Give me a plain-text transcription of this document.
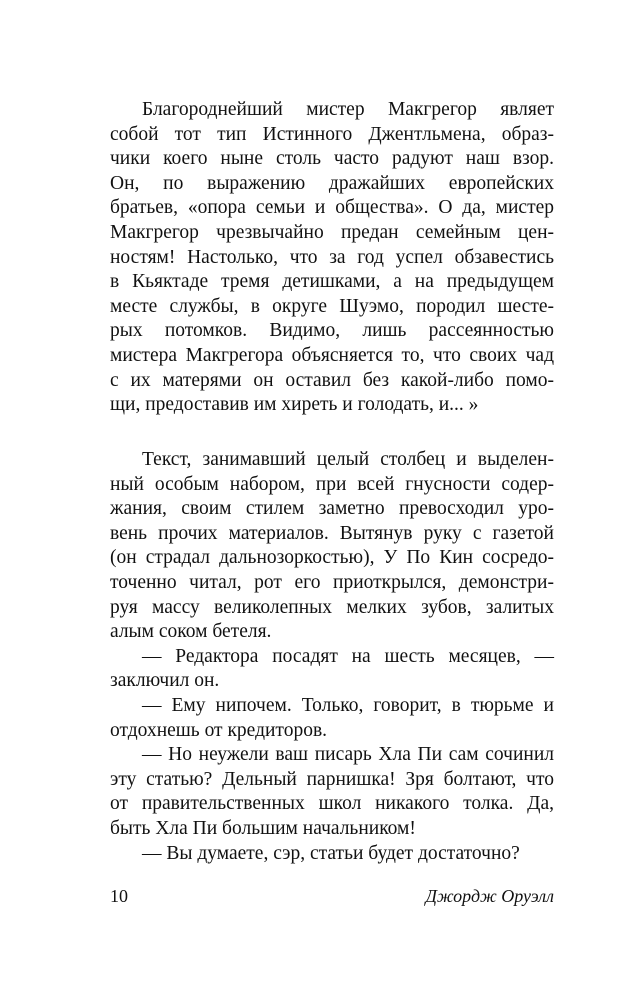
Благороднейший мистер Макгрегор являет
собой тот тип Истинного Джентльмена, образ-
чики коего ныне столь часто радуют наш взор.
Он, по выражению дражайших европейских
братьев, «опора семьи и общества». О да, мистер
Макгрегор чрезвычайно предан семейным цен-
ностям! Настолько, что за год успел обзавестись
в Кьяктаде тремя детишками, а на предыдущем
месте службы, в округе Шуэмо, породил шесте-
рых потомков. Видимо, лишь рассеянностью
мистера Макгрегора объясняется то, что своих чад
с их матерями он оставил без какой-либо помо-
щи, предоставив им хиреть и голодать, и... »
Текст, занимавший целый столбец и выделен-
ный особым набором, при всей гнусности содер-
жания, своим стилем заметно превосходил уро-
вень прочих материалов. Вытянув руку с газетой
(он страдал дальнозоркостью), У По Кин сосредо-
точенно читал, рот его приоткрылся, демонстри-
руя массу великолепных мелких зубов, залитых
алым соком бетеля.
— Редактора посадят на шесть месяцев, —
заключил он.
— Ему нипочем. Только, говорит, в тюрьме и
отдохнешь от кредиторов.
— Но неужели ваш писарь Хла Пи сам сочинил
эту статью? Дельный парнишка! Зря болтают, что
от правительственных школ никакого толка. Да,
быть Хла Пи большим начальником!
— Вы думаете, сэр, статьи будет достаточно?
10	Джордж Оруэлл
